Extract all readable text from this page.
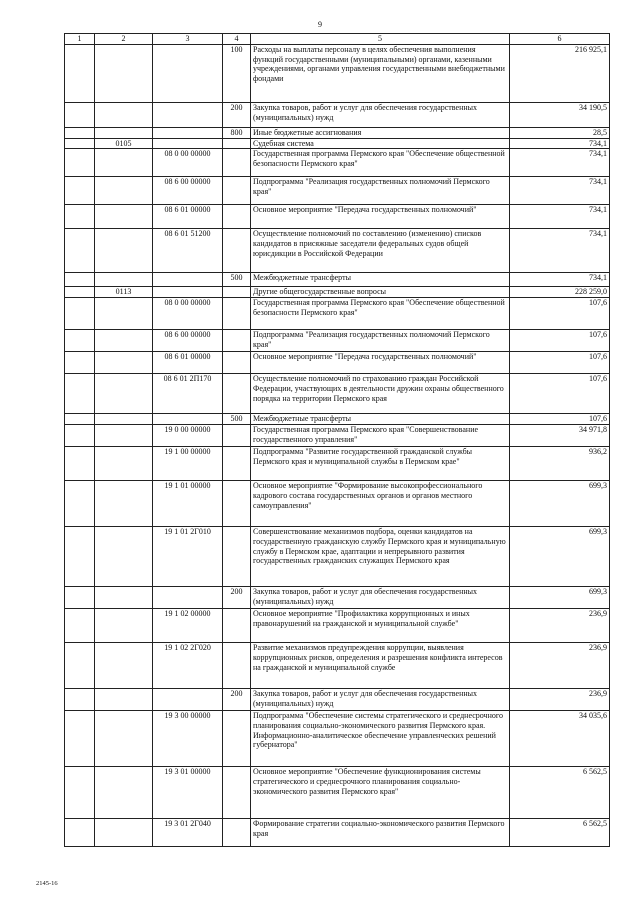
9
1	2	3	4	5	6
			100	Расходы на выплаты персоналу в целях обеспечения выполнения функций государственными (муниципальными) органами, казенными учреждениями, органами управления государственными внебюджетными фондами	216 925,1
			200	Закупка товаров, работ и услуг для обеспечения государственных (муниципальных) нужд	34 190,5
			800	Иные бюджетные ассигнования	28,5
	0105			Судебная система	734,1
		08 0 00 00000		Государственная программа Пермского края "Обеспечение общественной безопасности Пермского края"	734,1
		08 6 00 00000		Подпрограмма "Реализация государственных полномочий Пермского края"	734,1
		08 6 01 00000		Основное мероприятие "Передача государственных полномочий"	734,1
		08 6 01 51200		Осуществление полномочий по составлению (изменению) списков кандидатов в присяжные заседатели федеральных судов общей юрисдикции в Российской Федерации	734,1
			500	Межбюджетные трансферты	734,1
	0113			Другие общегосударственные вопросы	228 259,0
		08 0 00 00000		Государственная программа Пермского края "Обеспечение общественной безопасности Пермского края"	107,6
		08 6 00 00000		Подпрограмма "Реализация государственных полномочий Пермского края"	107,6
		08 6 01 00000		Основное мероприятие "Передача государственных полномочий"	107,6
		08 6 01 2П170		Осуществление полномочий по страхованию граждан Российской Федерации, участвующих в деятельности дружин охраны общественного порядка на территории Пермского края	107,6
			500	Межбюджетные трансферты	107,6
		19 0 00 00000		Государственная программа Пермского края "Совершенствование государственного управления"	34 971,8
		19 1 00 00000		Подпрограмма "Развитие государственной гражданской службы Пермского края и муниципальной службы в Пермском крае"	936,2
		19 1 01 00000		Основное мероприятие "Формирование высокопрофессионального кадрового состава государственных органов и органов местного самоуправления"	699,3
		19 1 01 2Г010		Совершенствование механизмов подбора, оценки кандидатов на государственную гражданскую службу Пермского края и муниципальную службу в Пермском крае, адаптации и непрерывного развития государственных гражданских служащих Пермского края	699,3
			200	Закупка товаров, работ и услуг для обеспечения государственных (муниципальных) нужд	699,3
		19 1 02 00000		Основное мероприятие "Профилактика коррупционных и иных правонарушений на гражданской и муниципальной службе"	236,9
		19 1 02 2Г020		Развитие механизмов предупреждения коррупции, выявления коррупционных рисков, определения и разрешения конфликта интересов на гражданской и муниципальной службе	236,9
			200	Закупка товаров, работ и услуг для обеспечения государственных (муниципальных) нужд	236,9
		19 3 00 00000		Подпрограмма "Обеспечение системы стратегического и среднесрочного планирования социально-экономического развития Пермского края. Информационно-аналитическое обеспечение управленческих решений губернатора"	34 035,6
		19 3 01 00000		Основное мероприятие "Обеспечение функционирования системы стратегического и среднесрочного планирования социально-экономического развития Пермского края"	6 562,5
		19 3 01 2Г040		Формирование стратегии социально-экономического развития Пермского края	6 562,5
2145-16
